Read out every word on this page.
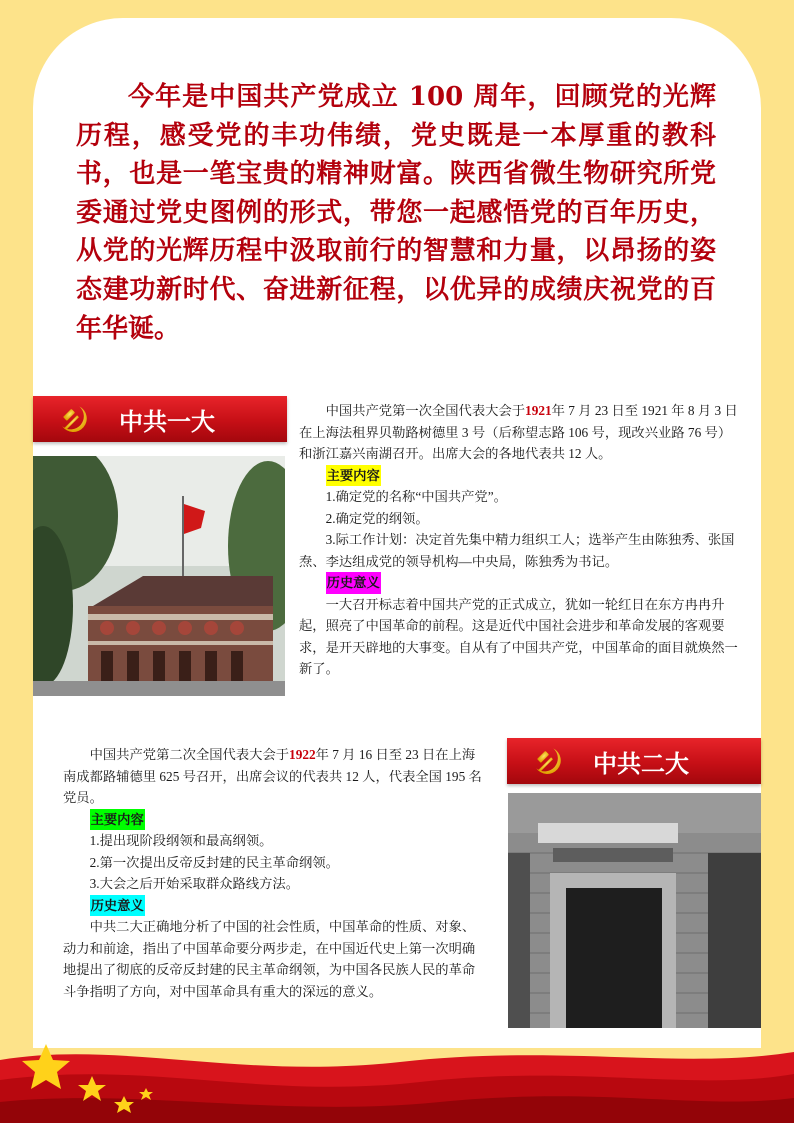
今年是中国共产党成立 100 周年，回顾党的光辉历程，感受党的丰功伟绩，党史既是一本厚重的教科书，也是一笔宝贵的精神财富。陕西省微生物研究所党委通过党史图例的形式，带您一起感悟党的百年历史，从党的光辉历程中汲取前行的智慧和力量，以昂扬的姿态建功新时代、奋进新征程，以优异的成绩庆祝党的百年华诞。

中共一大	中国共产党第一次全国代表大会于1921年 7 月 23 日至 1921 年 8 月 3 日在上海法租界贝勒路树德里 3 号（后称望志路 106 号，现改兴业路 76 号）和浙江嘉兴南湖召开。出席大会的各地代表共 12 人。

主要内容

1.确定党的名称“中国共产党”。

2.确定党的纲领。

3.际工作计划：决定首先集中精力组织工人；选举产生由陈独秀、张国焘、李达组成党的领导机构—中央局，陈独秀为书记。

历史意义

一大召开标志着中国共产党的正式成立，犹如一轮红日在东方冉冉升起，照亮了中国革命的前程。这是近代中国社会进步和革命发展的客观要求，是开天辟地的大事变。自从有了中国共产党，中国革命的面目就焕然一新了。

中国共产党第二次全国代表大会于1922年 7 月 16 日至 23 日在上海南成都路辅德里 625 号召开，出席会议的代表共 12 人，代表全国 195 名党员。

主要内容

1.提出现阶段纲领和最高纲领。

2.第一次提出反帝反封建的民主革命纲领。

3.大会之后开始采取群众路线方法。

历史意义

中共二大正确地分析了中国的社会性质，中国革命的性质、对象、动力和前途，指出了中国革命要分两步走，在中国近代史上第一次明确地提出了彻底的反帝反封建的民主革命纲领，为中国各民族人民的革命斗争指明了方向，对中国革命具有重大的深远的意义。

中共二大
